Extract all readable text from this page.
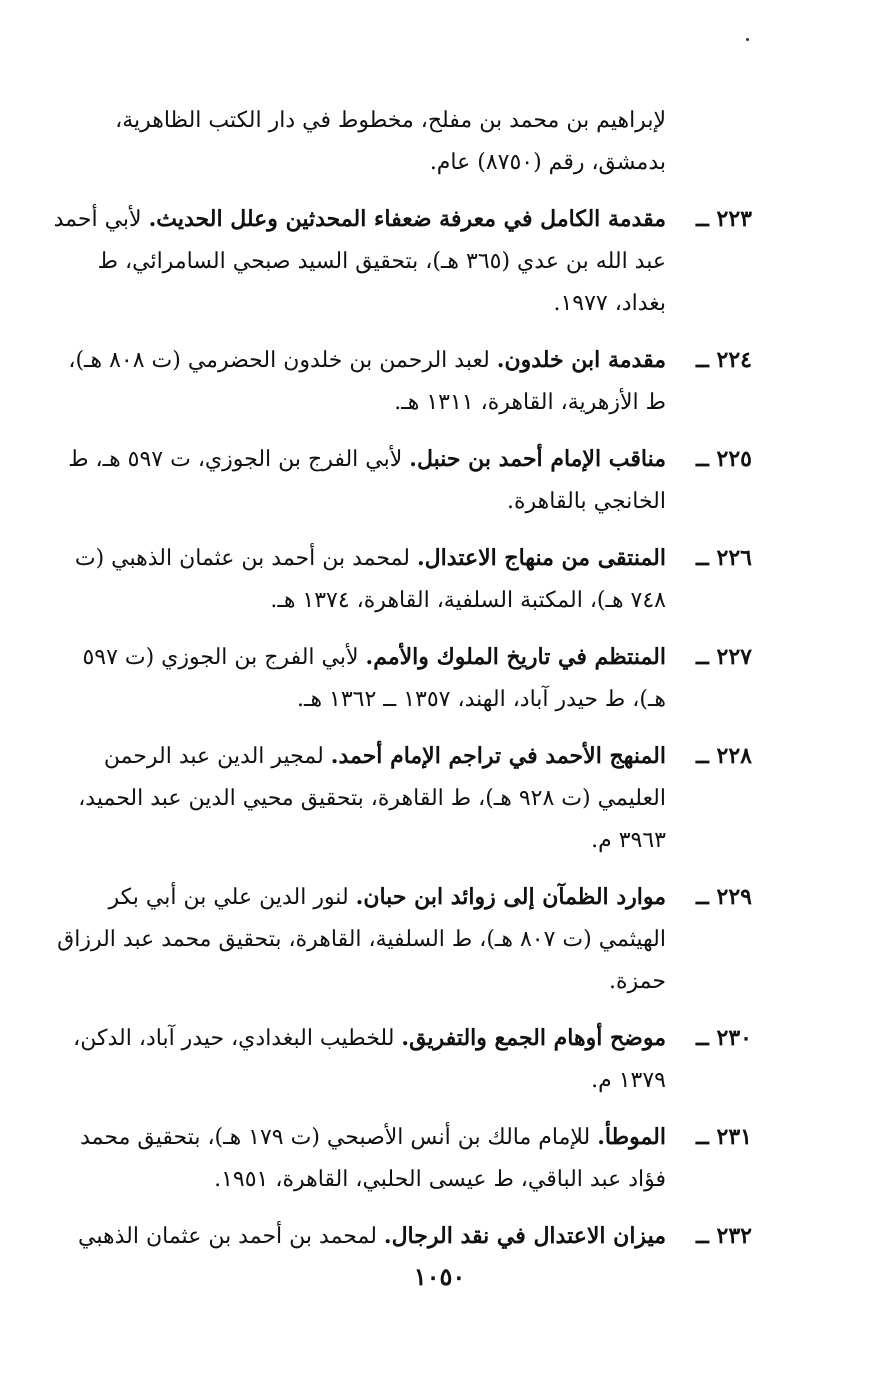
لإبراهيم بن محمد بن مفلح، مخطوط في دار الكتب الظاهرية، بدمشق، رقم (٨٧٥٠) عام.

٢٢٣ ــ
مقدمة الكامل في معرفة ضعفاء المحدثين وعلل الحديث. لأبي أحمد عبد الله بن عدي (٣٦٥ هـ)، بتحقيق السيد صبحي السامرائي، ط بغداد، ١٩٧٧.
٢٢٤ ــ
مقدمة ابن خلدون. لعبد الرحمن بن خلدون الحضرمي (ت ٨٠٨ هـ)، ط الأزهرية، القاهرة، ١٣١١ هـ.
٢٢٥ ــ
مناقب الإمام أحمد بن حنبل. لأبي الفرج بن الجوزي، ت ٥٩٧ هـ، ط الخانجي بالقاهرة.
٢٢٦ ــ
المنتقى من منهاج الاعتدال. لمحمد بن أحمد بن عثمان الذهبي (ت ٧٤٨ هـ)، المكتبة السلفية، القاهرة، ١٣٧٤ هـ.
٢٢٧ ــ
المنتظم في تاريخ الملوك والأمم. لأبي الفرج بن الجوزي (ت ٥٩٧ هـ)، ط حيدر آباد، الهند، ١٣٥٧ ــ ١٣٦٢ هـ.
٢٢٨ ــ
المنهج الأحمد في تراجم الإمام أحمد. لمجير الدين عبد الرحمن العليمي (ت ٩٢٨ هـ)، ط القاهرة، بتحقيق محيي الدين عبد الحميد، ٣٩٦٣ م.
٢٢٩ ــ
موارد الظمآن إلى زوائد ابن حبان. لنور الدين علي بن أبي بكر الهيثمي (ت ٨٠٧ هـ)، ط السلفية، القاهرة، بتحقيق محمد عبد الرزاق حمزة.
٢٣٠ ــ
موضح أوهام الجمع والتفريق. للخطيب البغدادي، حيدر آباد، الدكن، ١٣٧٩ م.
٢٣١ ــ
الموطأ. للإمام مالك بن أنس الأصبحي (ت ١٧٩ هـ)، بتحقيق محمد فؤاد عبد الباقي، ط عيسى الحلبي، القاهرة، ١٩٥١.
٢٣٢ ــ
ميزان الاعتدال في نقد الرجال. لمحمد بن أحمد بن عثمان الذهبي
١٠٥٠
